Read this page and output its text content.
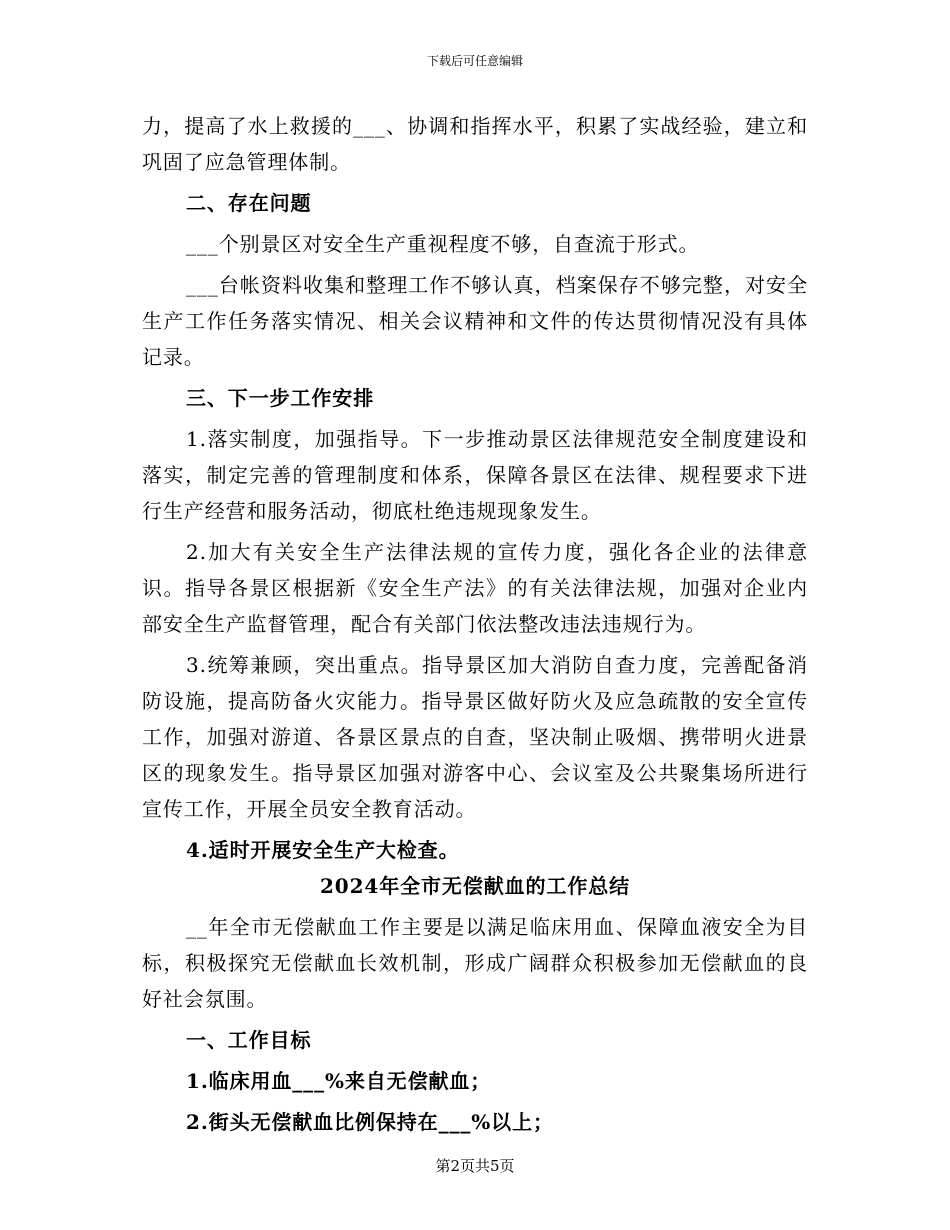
下载后可任意编辑

力，提高了水上救援的___、协调和指挥水平，积累了实战经验，建立和巩固了应急管理体制。

二、存在问题

___个别景区对安全生产重视程度不够，自查流于形式。

___台帐资料收集和整理工作不够认真，档案保存不够完整，对安全生产工作任务落实情况、相关会议精神和文件的传达贯彻情况没有具体记录。

三、下一步工作安排

1.落实制度，加强指导。下一步推动景区法律规范安全制度建设和落实，制定完善的管理制度和体系，保障各景区在法律、规程要求下进行生产经营和服务活动，彻底杜绝违规现象发生。

2.加大有关安全生产法律法规的宣传力度，强化各企业的法律意识。指导各景区根据新《安全生产法》的有关法律法规，加强对企业内部安全生产监督管理，配合有关部门依法整改违法违规行为。

3.统筹兼顾，突出重点。指导景区加大消防自查力度，完善配备消防设施，提高防备火灾能力。指导景区做好防火及应急疏散的安全宣传工作，加强对游道、各景区景点的自查，坚决制止吸烟、携带明火进景区的现象发生。指导景区加强对游客中心、会议室及公共聚集场所进行宣传工作，开展全员安全教育活动。

4.适时开展安全生产大检查。

2024年全市无偿献血的工作总结

__年全市无偿献血工作主要是以满足临床用血、保障血液安全为目标，积极探究无偿献血长效机制，形成广阔群众积极参加无偿献血的良好社会氛围。

一、工作目标

1.临床用血___%来自无偿献血；

2.街头无偿献血比例保持在___%以上；

第2页共5页
